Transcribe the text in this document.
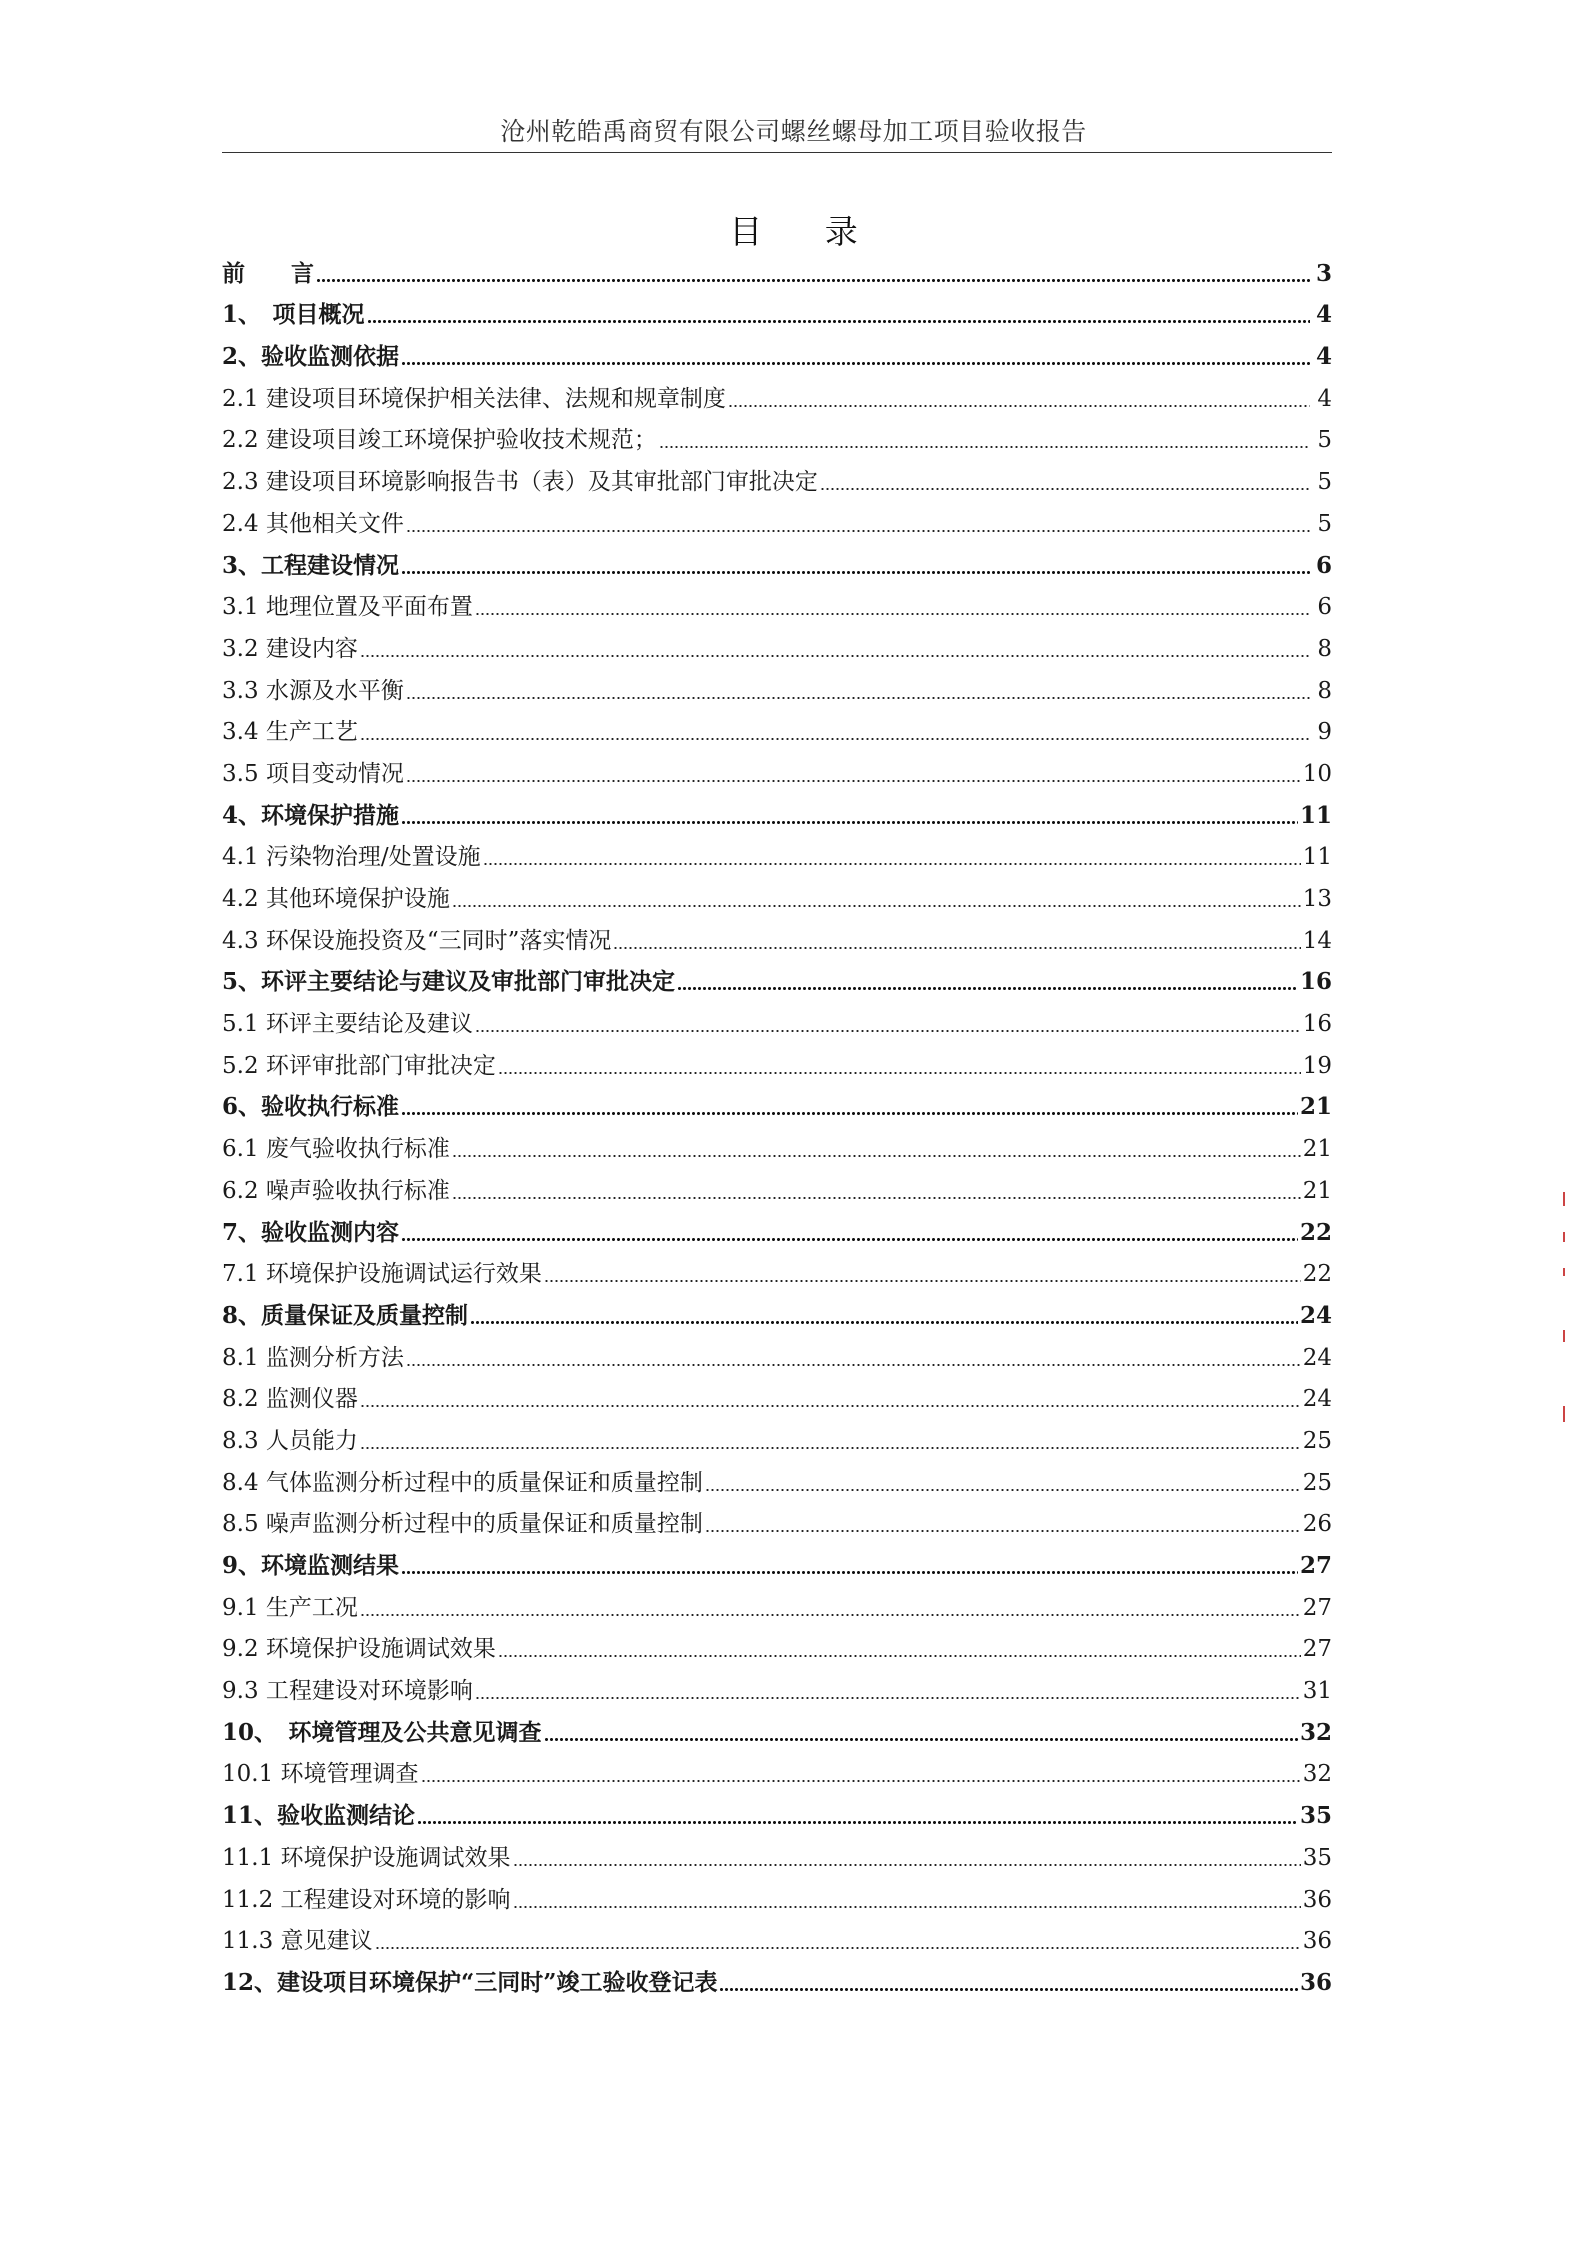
沧州乾皓禹商贸有限公司螺丝螺母加工项目验收报告
目 录
前　　言	3
1、　项目概况	4
2、验收监测依据	4
2.1 建设项目环境保护相关法律、法规和规章制度	4
2.2 建设项目竣工环境保护验收技术规范；	5
2.3 建设项目环境影响报告书（表）及其审批部门审批决定	5
2.4 其他相关文件	5
3、工程建设情况	6
3.1 地理位置及平面布置	6
3.2 建设内容	8
3.3 水源及水平衡	8
3.4 生产工艺	9
3.5 项目变动情况	10
4、环境保护措施	11
4.1 污染物治理/处置设施	11
4.2 其他环境保护设施	13
4.3 环保设施投资及“三同时”落实情况	14
5、环评主要结论与建议及审批部门审批决定	16
5.1 环评主要结论及建议	16
5.2 环评审批部门审批决定	19
6、验收执行标准	21
6.1 废气验收执行标准	21
6.2 噪声验收执行标准	21
7、验收监测内容	22
7.1 环境保护设施调试运行效果	22
8、质量保证及质量控制	24
8.1 监测分析方法	24
8.2 监测仪器	24
8.3 人员能力	25
8.4 气体监测分析过程中的质量保证和质量控制	25
8.5 噪声监测分析过程中的质量保证和质量控制	26
9、环境监测结果	27
9.1 生产工况	27
9.2 环境保护设施调试效果	27
9.3 工程建设对环境影响	31
10、　环境管理及公共意见调查	32
10.1 环境管理调查	32
11、验收监测结论	35
11.1 环境保护设施调试效果	35
11.2 工程建设对环境的影响	36
11.3 意见建议	36
12、建设项目环境保护“三同时”竣工验收登记表	36
